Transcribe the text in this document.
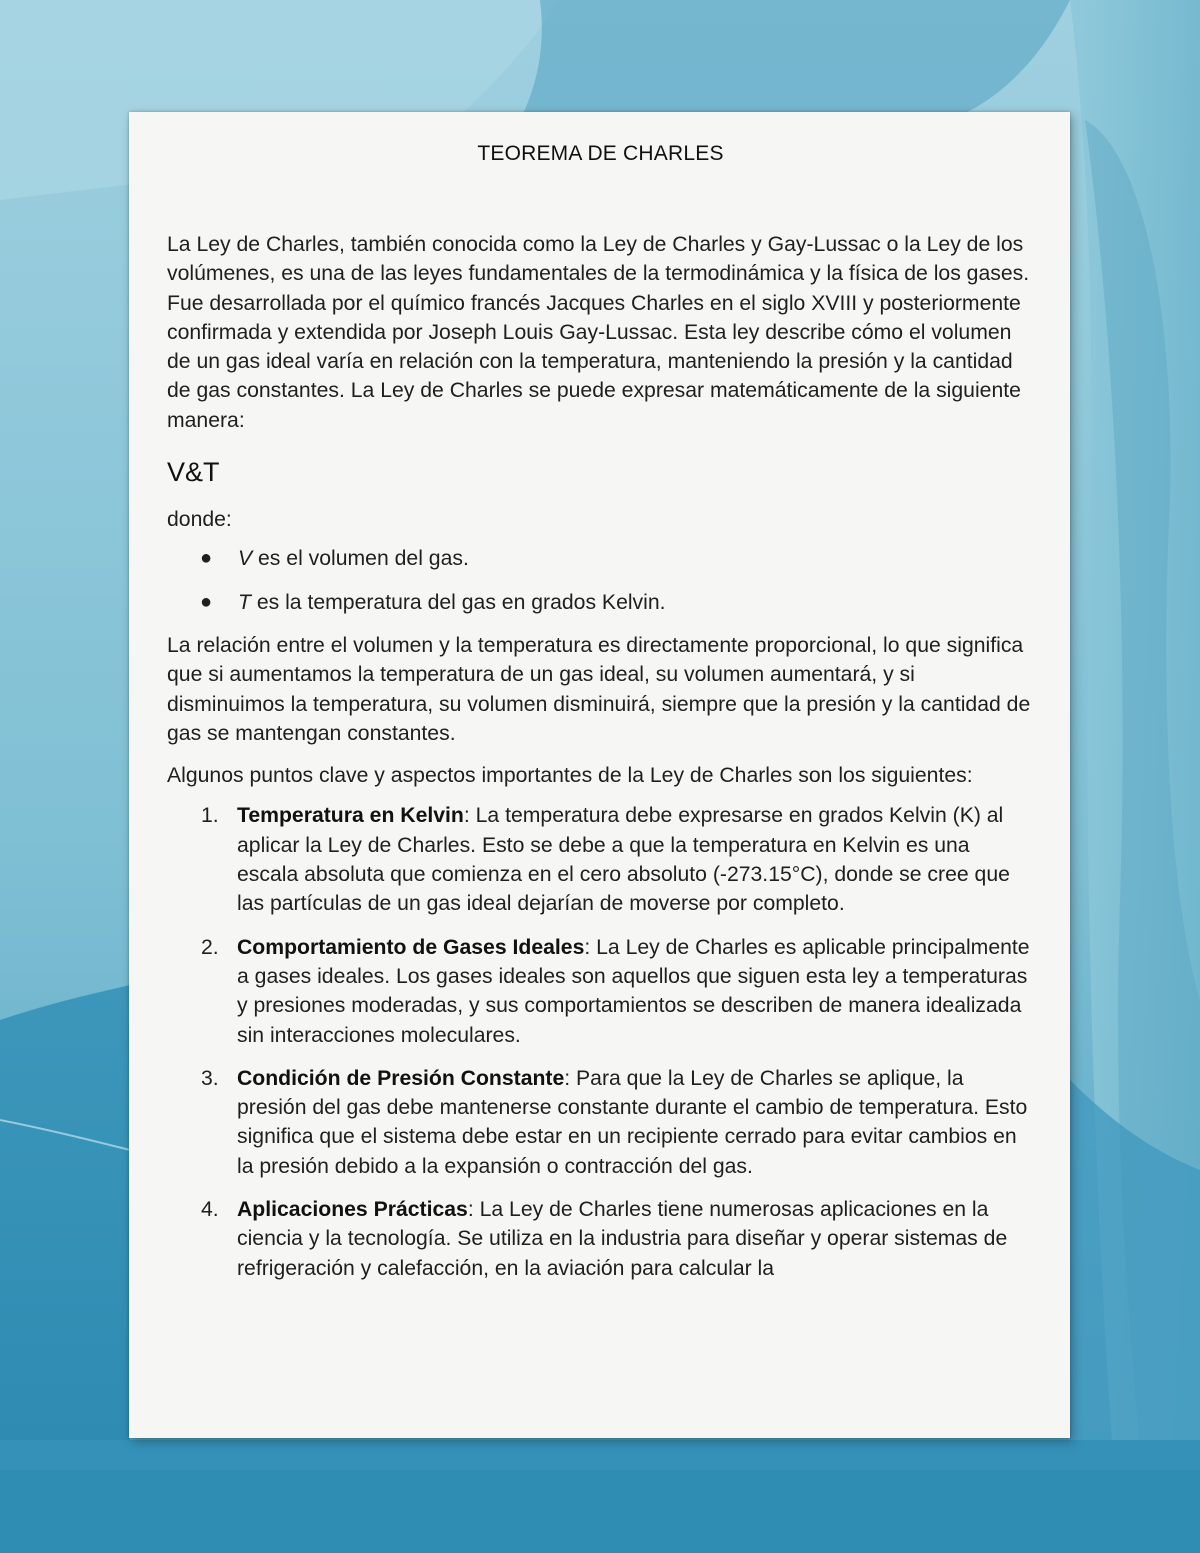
TEOREMA DE CHARLES

La Ley de Charles, también conocida como la Ley de Charles y Gay-Lussac o la Ley de los volúmenes, es una de las leyes fundamentales de la termodinámica y la física de los gases. Fue desarrollada por el químico francés Jacques Charles en el siglo XVIII y posteriormente confirmada y extendida por Joseph Louis Gay-Lussac. Esta ley describe cómo el volumen de un gas ideal varía en relación con la temperatura, manteniendo la presión y la cantidad de gas constantes. La Ley de Charles se puede expresar matemáticamente de la siguiente manera:

V&T

donde:

● V es el volumen del gas.
● T es la temperatura del gas en grados Kelvin.

La relación entre el volumen y la temperatura es directamente proporcional, lo que significa que si aumentamos la temperatura de un gas ideal, su volumen aumentará, y si disminuimos la temperatura, su volumen disminuirá, siempre que la presión y la cantidad de gas se mantengan constantes.

Algunos puntos clave y aspectos importantes de la Ley de Charles son los siguientes:

1. Temperatura en Kelvin: La temperatura debe expresarse en grados Kelvin (K) al aplicar la Ley de Charles. Esto se debe a que la temperatura en Kelvin es una escala absoluta que comienza en el cero absoluto (-273.15°C), donde se cree que las partículas de un gas ideal dejarían de moverse por completo.
2. Comportamiento de Gases Ideales: La Ley de Charles es aplicable principalmente a gases ideales. Los gases ideales son aquellos que siguen esta ley a temperaturas y presiones moderadas, y sus comportamientos se describen de manera idealizada sin interacciones moleculares.
3. Condición de Presión Constante: Para que la Ley de Charles se aplique, la presión del gas debe mantenerse constante durante el cambio de temperatura. Esto significa que el sistema debe estar en un recipiente cerrado para evitar cambios en la presión debido a la expansión o contracción del gas.
4. Aplicaciones Prácticas: La Ley de Charles tiene numerosas aplicaciones en la ciencia y la tecnología. Se utiliza en la industria para diseñar y operar sistemas de refrigeración y calefacción, en la aviación para calcular la
